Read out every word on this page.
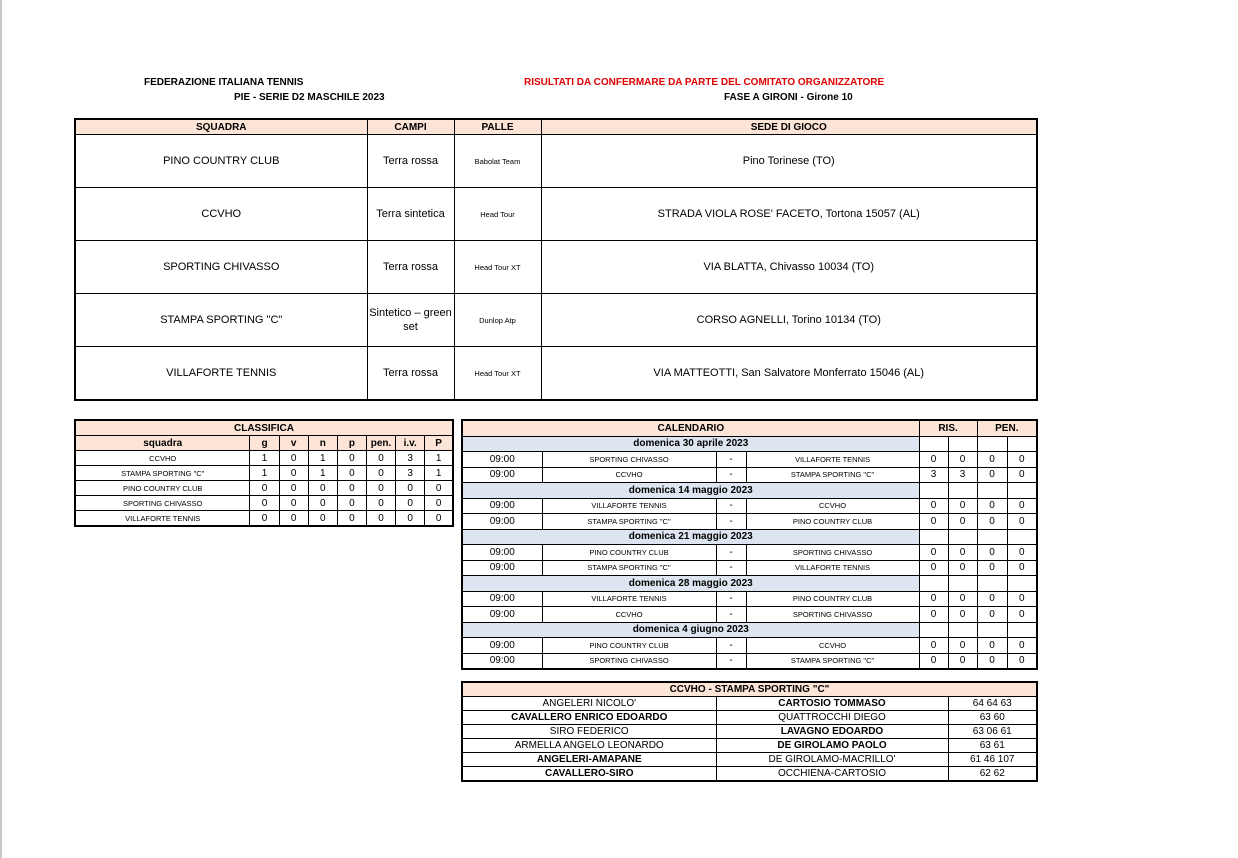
FEDERAZIONE ITALIANA TENNIS
PIE - SERIE D2 MASCHILE 2023
RISULTATI DA CONFERMARE DA PARTE DEL COMITATO ORGANIZZATORE
FASE A GIRONI - Girone 10
SQUADRA	CAMPI	PALLE	SEDE DI GIOCO
PINO COUNTRY CLUB	Terra rossa	Babolat Team	Pino Torinese (TO)
CCVHO	Terra sintetica	Head Tour	STRADA VIOLA ROSE' FACETO, Tortona 15057 (AL)
SPORTING CHIVASSO	Terra rossa	Head Tour XT	VIA BLATTA, Chivasso 10034 (TO)
STAMPA SPORTING "C"	Sintetico – green set	Dunlop Atp	CORSO AGNELLI, Torino 10134 (TO)
VILLAFORTE TENNIS	Terra rossa	Head Tour XT	VIA MATTEOTTI, San Salvatore Monferrato 15046 (AL)
CLASSIFICA							
squadra	g	v	n	p	pen.	i.v.	P
CCVHO	1	0	1	0	0	3	1
STAMPA SPORTING "C"	1	0	1	0	0	3	1
PINO COUNTRY CLUB	0	0	0	0	0	0	0
SPORTING CHIVASSO	0	0	0	0	0	0	0
VILLAFORTE TENNIS	0	0	0	0	0	0	0
CALENDARIO				RIS.		PEN.	
domenica 30 aprile 2023							
09:00	SPORTING CHIVASSO	-	VILLAFORTE TENNIS	0	0	0	0
09:00	CCVHO	-	STAMPA SPORTING "C"	3	3	0	0
domenica 14 maggio 2023							
09:00	VILLAFORTE TENNIS	-	CCVHO	0	0	0	0
09:00	STAMPA SPORTING "C"	-	PINO COUNTRY CLUB	0	0	0	0
domenica 21 maggio 2023							
09:00	PINO COUNTRY CLUB	-	SPORTING CHIVASSO	0	0	0	0
09:00	STAMPA SPORTING "C"	-	VILLAFORTE TENNIS	0	0	0	0
domenica 28 maggio 2023							
09:00	VILLAFORTE TENNIS	-	PINO COUNTRY CLUB	0	0	0	0
09:00	CCVHO	-	SPORTING CHIVASSO	0	0	0	0
domenica 4 giugno 2023							
09:00	PINO COUNTRY CLUB	-	CCVHO	0	0	0	0
09:00	SPORTING CHIVASSO	-	STAMPA SPORTING "C"	0	0	0	0
CCVHO - STAMPA SPORTING "C"		
ANGELERI NICOLO'	CARTOSIO TOMMASO	64 64 63
CAVALLERO ENRICO EDOARDO	QUATTROCCHI DIEGO	63 60
SIRO FEDERICO	LAVAGNO EDOARDO	63 06 61
ARMELLA ANGELO LEONARDO	DE GIROLAMO PAOLO	63 61
ANGELERI-AMAPANE	DE GIROLAMO-MACRILLO'	61 46 107
CAVALLERO-SIRO	OCCHIENA-CARTOSIO	62 62
